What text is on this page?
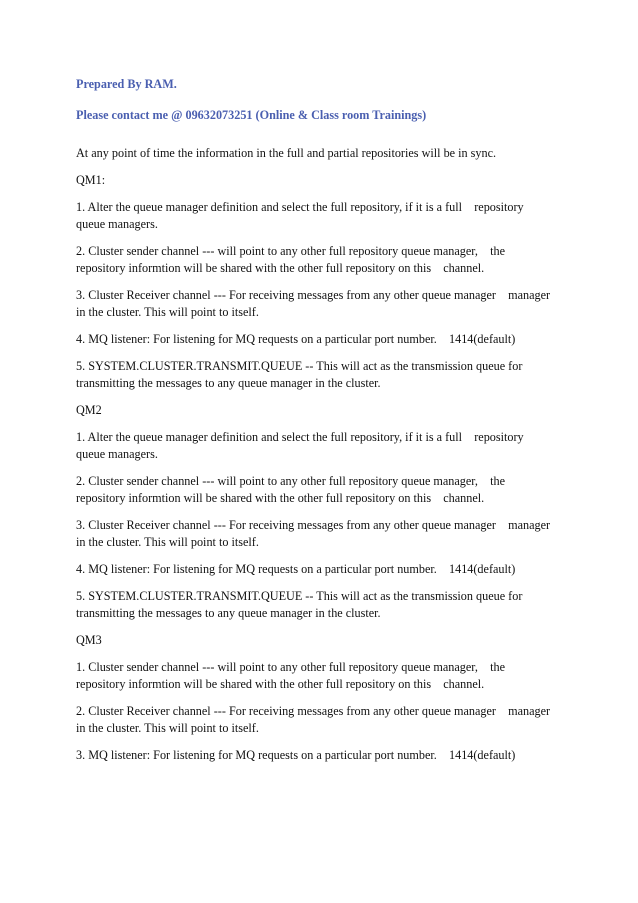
Prepared By RAM.
Please contact me @ 09632073251 (Online & Class room Trainings)
At any point of time the information in the full and partial repositories will be in sync.
QM1:
1. Alter the queue manager definition and select the full repository, if it is a full    repository
queue managers.
2. Cluster sender channel --- will point to any other full repository queue manager,    the
repository informtion will be shared with the other full repository on this    channel.
3. Cluster Receiver channel --- For receiving messages from any other queue manager    manager
in the cluster. This will point to itself.
4. MQ listener: For listening for MQ requests on a particular port number.    1414(default)
5. SYSTEM.CLUSTER.TRANSMIT.QUEUE -- This will act as the transmission queue for
transmitting the messages to any queue manager in the cluster.
QM2
1. Alter the queue manager definition and select the full repository, if it is a full    repository
queue managers.
2. Cluster sender channel --- will point to any other full repository queue manager,    the
repository informtion will be shared with the other full repository on this    channel.
3. Cluster Receiver channel --- For receiving messages from any other queue manager    manager
in the cluster. This will point to itself.
4. MQ listener: For listening for MQ requests on a particular port number.    1414(default)
5. SYSTEM.CLUSTER.TRANSMIT.QUEUE -- This will act as the transmission queue for
transmitting the messages to any queue manager in the cluster.
QM3
1. Cluster sender channel --- will point to any other full repository queue manager,    the
repository informtion will be shared with the other full repository on this    channel.
2. Cluster Receiver channel --- For receiving messages from any other queue manager    manager
in the cluster. This will point to itself.
3. MQ listener: For listening for MQ requests on a particular port number.    1414(default)
